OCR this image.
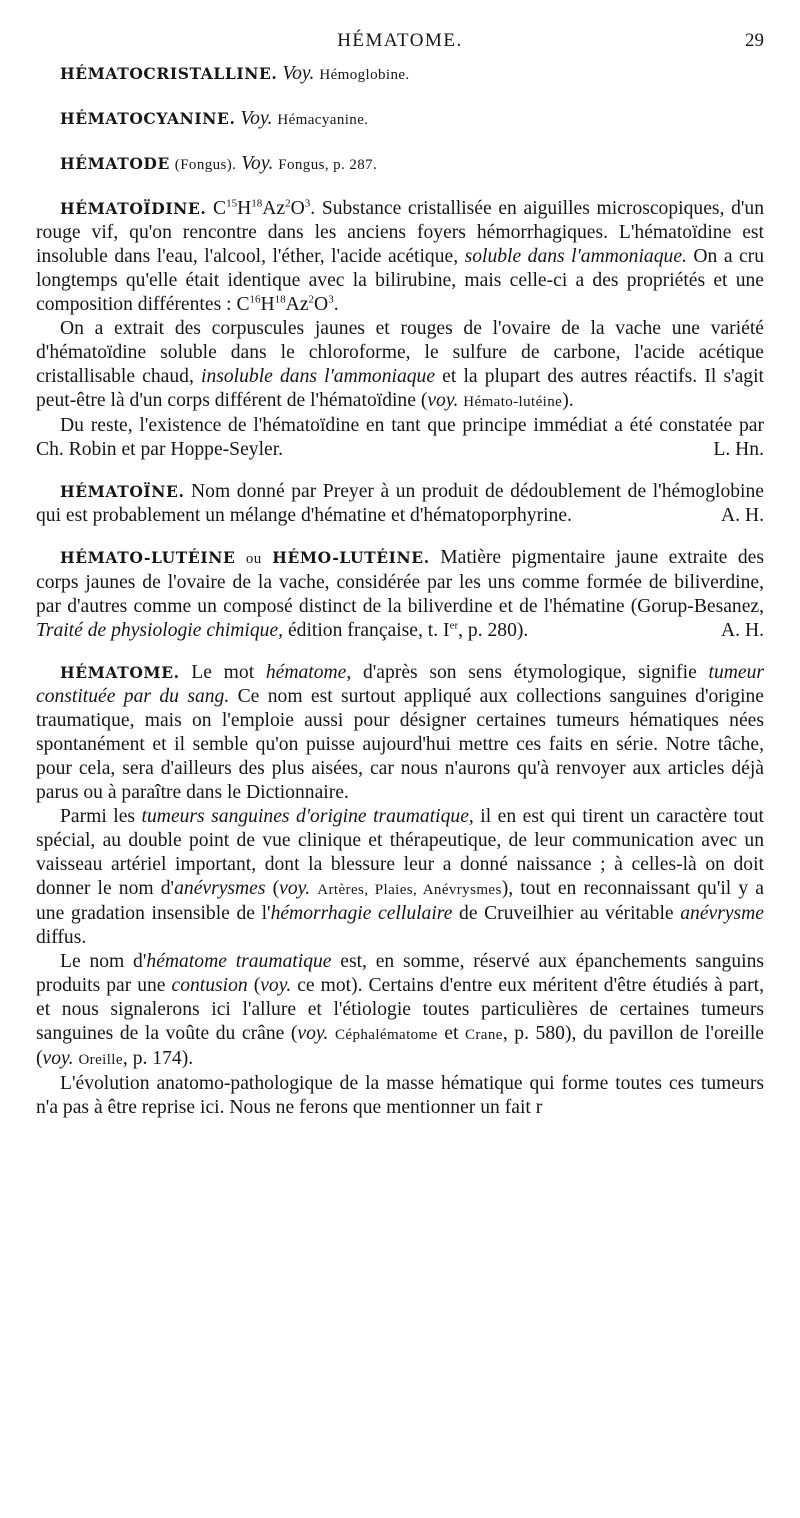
HÉMATOME.	29

HÉMATOCRISTALLINE. Voy. Hémoglobine.

HÉMATOCYANINE. Voy. Hémacyanine.

HÉMATODE (Fongus). Voy. Fongus, p. 287.

HÉMATOÏDINE. $C^{15}H^{18}Az^2O^3$. Substance cristallisée en aiguilles microscopiques, d'un rouge vif, qu'on rencontre dans les anciens foyers hémorrhagiques. L'hématoïdine est insoluble dans l'eau, l'alcool, l'éther, l'acide acétique, soluble dans l'ammoniaque. On a cru longtemps qu'elle était identique avec la bilirubine, mais celle-ci a des propriétés et une composition différentes : $C^{16}H^{18}Az^2O^3$.

On a extrait des corpuscules jaunes et rouges de l'ovaire de la vache une variété d'hématoïdine soluble dans le chloroforme, le sulfure de carbone, l'acide acétique cristallisable chaud, insoluble dans l'ammoniaque et la plupart des autres réactifs. Il s'agit peut-être là d'un corps différent de l'hématoïdine (voy. Hémato-lutéine).

Du reste, l'existence de l'hématoïdine en tant que principe immédiat a été constatée par Ch. Robin et par Hoppe-Seyler.	L. Hn.

HÉMATOÏNE. Nom donné par Preyer à un produit de dédoublement de l'hémoglobine qui est probablement un mélange d'hématine et d'hématoporphyrine.	A. H.

HÉMATO-LUTÉINE ou HÉMO-LUTÉINE. Matière pigmentaire jaune extraite des corps jaunes de l'ovaire de la vache, considérée par les uns comme formée de biliverdine, par d'autres comme un composé distinct de la biliverdine et de l'hématine (Gorup-Besanez, Traité de physiologie chimique, édition française, t. Ier, p. 280).	A. H.

HÉMATOME. Le mot hématome, d'après son sens étymologique, signifie tumeur constituée par du sang. Ce nom est surtout appliqué aux collections sanguines d'origine traumatique, mais on l'emploie aussi pour désigner certaines tumeurs hématiques nées spontanément et il semble qu'on puisse aujourd'hui mettre ces faits en série. Notre tâche, pour cela, sera d'ailleurs des plus aisées, car nous n'aurons qu'à renvoyer aux articles déjà parus ou à paraître dans le Dictionnaire.

Parmi les tumeurs sanguines d'origine traumatique, il en est qui tirent un caractère tout spécial, au double point de vue clinique et thérapeutique, de leur communication avec un vaisseau artériel important, dont la blessure leur a donné naissance ; à celles-là on doit donner le nom d'anévrysmes (voy. Artères, Plaies, Anévrysmes), tout en reconnaissant qu'il y a une gradation insensible de l'hémorrhagie cellulaire de Cruveilhier au véritable anévrysme diffus.

Le nom d'hématome traumatique est, en somme, réservé aux épanchements sanguins produits par une contusion (voy. ce mot). Certains d'entre eux méritent d'être étudiés à part, et nous signalerons ici l'allure et l'étiologie toutes particulières de certaines tumeurs sanguines de la voûte du crâne (voy. Céphalématome et Crane, p. 580), du pavillon de l'oreille (voy. Oreille, p. 174).

L'évolution anatomo-pathologique de la masse hématique qui forme toutes ces tumeurs n'a pas à être reprise ici. Nous ne ferons que mentionner un fait r
